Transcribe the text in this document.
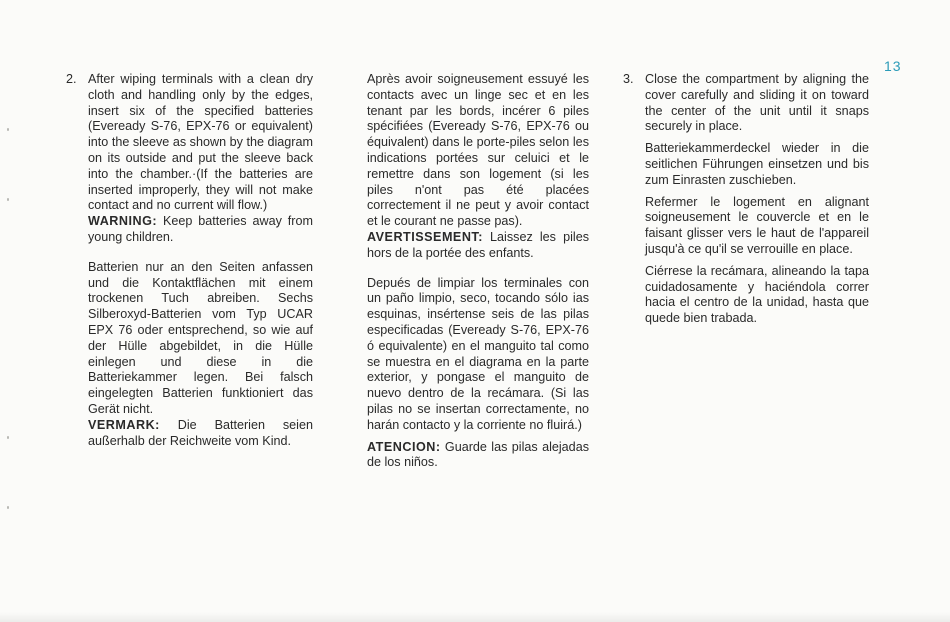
13

2. After wiping terminals with a clean dry cloth and handling only by the edges, insert six of the specified batteries (Eveready S-76, EPX-76 or equivalent) into the sleeve as shown by the diagram on its outside and put the sleeve back into the chamber.·(If the batteries are inserted improperly, they will not make contact and no current will flow.)

WARNING: Keep batteries away from young children.

Batterien nur an den Seiten anfassen und die Kontaktflächen mit einem trockenen Tuch abreiben. Sechs Silberoxyd-Batterien vom Typ UCAR EPX 76 oder entsprechend, so wie auf der Hülle abgebildet, in die Hülle einlegen und diese in die Batteriekammer legen. Bei falsch eingelegten Batterien funktioniert das Gerät nicht.

VERMARK: Die Batterien seien außerhalb der Reichweite vom Kind.

Après avoir soigneusement essuyé les contacts avec un linge sec et en les tenant par les bords, incérer 6 piles spécifiées (Eveready S-76, EPX-76 ou équivalent) dans le porte-piles selon les indications portées sur celuici et le remettre dans son logement (si les piles n'ont pas été placées correctement il ne peut y avoir contact et le courant ne passe pas).

AVERTISSEMENT: Laissez les piles hors de la portée des enfants.

Depués de limpiar los terminales con un paño limpio, seco, tocando sólo ias esquinas, insértense seis de las pilas especificadas (Eveready S-76, EPX-76 ó equivalente) en el manguito tal como se muestra en el diagrama en la parte exterior, y pongase el manguito de nuevo dentro de la recámara. (Si las pilas no se insertan correctamente, no harán contacto y la corriente no fluirá.)

ATENCION: Guarde las pilas alejadas de los niños.

3. Close the compartment by aligning the cover carefully and sliding it on toward the center of the unit until it snaps securely in place.

Batteriekammerdeckel wieder in die seitlichen Führungen einsetzen und bis zum Einrasten zuschieben.

Refermer le logement en alignant soigneusement le couvercle et en le faisant glisser vers le haut de l'appareil jusqu'à ce qu'il se verrouille en place.

Ciérrese la recámara, alineando la tapa cuidadosamente y haciéndola correr hacia el centro de la unidad, hasta que quede bien trabada.
